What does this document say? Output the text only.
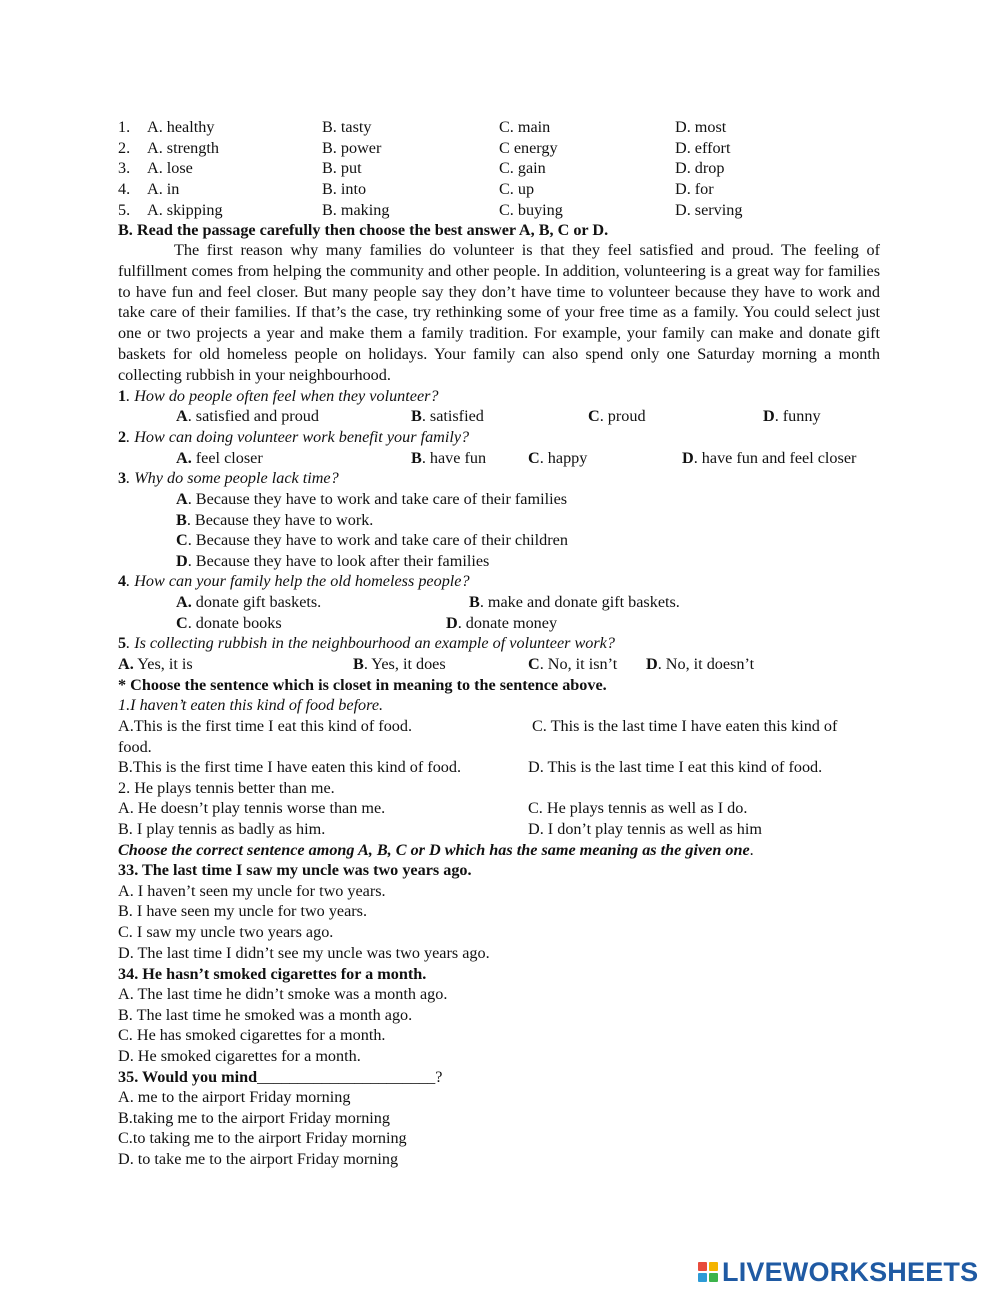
1. A. healthy	B. tasty	C. main	D. most
2. A. strength	B. power	C energy	D. effort
3. A. lose	B. put	C. gain	D. drop
4. A. in	B. into	C. up	D. for
5. A. skipping	B. making	C. buying	D. serving
B. Read the passage carefully then choose the best answer A, B, C or D.
The first reason why many families do volunteer is that they feel satisfied and proud. The feeling of fulfillment comes from helping the community and other people. In addition, volunteering is a great way for families to have fun and feel closer. But many people say they don’t have time to volunteer because they have to work and take care of their families. If that’s the case, try rethinking some of your free time as a family. You could select just one or two projects a year and make them a family tradition. For example, your family can make and donate gift baskets for old homeless people on holidays. Your family can also spend only one Saturday morning a month collecting rubbish in your neighbourhood.
1. How do people often feel when they volunteer?
A. satisfied and proud	B. satisfied	C. proud	D. funny
2. How can doing volunteer work benefit your family?
A. feel closer	B. have fun	C. happy	D. have fun and feel closer
3. Why do some people lack time?
A. Because they have to work and take care of their families
B. Because they have to work.
C. Because they have to work and take care of their children
D. Because they have to look after their families
4. How can your family help the old homeless people?
A. donate gift baskets.	B. make and donate gift baskets.
C. donate books	D. donate money
5. Is collecting rubbish in the neighbourhood an example of volunteer work?
A. Yes, it is	B. Yes, it does	C. No, it isn’t D. No, it doesn’t
* Choose the sentence which is closet in meaning to the sentence above.
1.I haven’t eaten this kind of food before.
A.This is the first time I eat this kind of food.	C. This is the last time I have eaten this kind of
food.
B.This is the first time I have eaten this kind of food.	D. This is the last time I eat this kind of food.
2. He plays tennis better than me.
A. He doesn’t play tennis worse than me.	C. He plays tennis as well as I do.
B. I play tennis as badly as him.	D. I don’t play tennis as well as him
Choose the correct sentence among A, B, C or D which has the same meaning as the given one.
33. The last time I saw my uncle was two years ago.
A. I haven’t seen my uncle for two years.
B. I have seen my uncle for two years.
C. I saw my uncle two years ago.
D. The last time I didn’t see my uncle was two years ago.
34. He hasn’t smoked cigarettes for a month.
A. The last time he didn’t smoke was a month ago.
B. The last time he smoked was a month ago.
C. He has smoked cigarettes for a month.
D. He smoked cigarettes for a month.
35. Would you mind______________________?
A. me to the airport Friday morning
B.taking me to the airport Friday morning
C.to taking me to the airport Friday morning
D. to take me to the airport Friday morning
LIVEWORKSHEETS
